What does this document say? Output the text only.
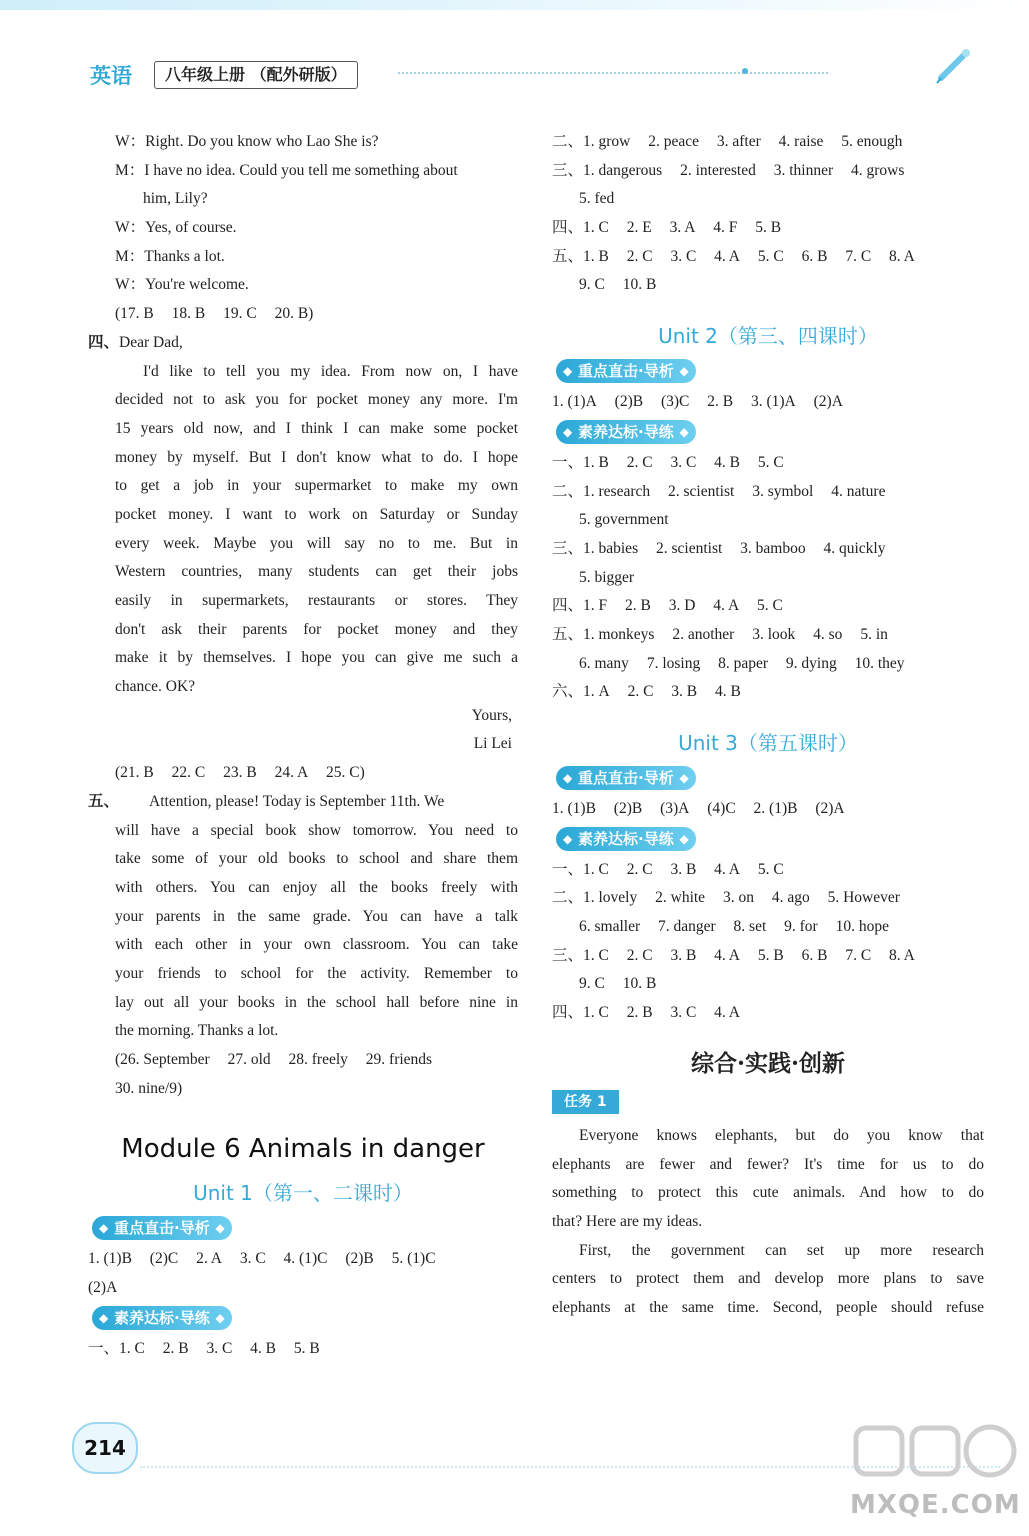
英语	八年级上册 （配外研版）
W：Right. Do you know who Lao She is?
M：I have no idea. Could you tell me something about
him, Lily?
W：Yes, of course.
M：Thanks a lot.
W：You're welcome.
(17. B 18. B 19. C 20. B)
四、Dear Dad,
I'd like to tell you my idea. From now on, I have
decided not to ask you for pocket money any more. I'm
15 years old now, and I think I can make some pocket
money by myself. But I don't know what to do. I hope
to get a job in your supermarket to make my own
pocket money. I want to work on Saturday or Sunday
every week. Maybe you will say no to me. But in
Western countries, many students can get their jobs
easily in supermarkets, restaurants or stores. They
don't ask their parents for pocket money and they
make it by themselves. I hope you can give me such a
chance. OK?
Yours,
Li Lei
(21. B 22. C 23. B 24. A 25. C)
五、 Attention, please! Today is September 11th. We
will have a special book show tomorrow. You need to
take some of your old books to school and share them
with others. You can enjoy all the books freely with
your parents in the same grade. You can have a talk
with each other in your own classroom. You can take
your friends to school for the activity. Remember to
lay out all your books in the school hall before nine in
the morning. Thanks a lot.
(26. September 27. old 28. freely 29. friends
30. nine/9)
Module 6 Animals in danger
Unit 1（第一、二课时）
◆ 重点直击·导析 ◆
1. (1)B (2)C 2. A 3. C 4. (1)C (2)B 5. (1)C
(2)A
◆ 素养达标·导练 ◆
一、1. C 2. B 3. C 4. B 5. B
二、1. grow 2. peace 3. after 4. raise 5. enough
三、1. dangerous 2. interested 3. thinner 4. grows
5. fed
四、1. C 2. E 3. A 4. F 5. B
五、1. B 2. C 3. C 4. A 5. C 6. B 7. C 8. A
9. C 10. B
Unit 2（第三、四课时）
◆ 重点直击·导析 ◆
1. (1)A (2)B (3)C 2. B 3. (1)A (2)A
◆ 素养达标·导练 ◆
一、1. B 2. C 3. C 4. B 5. C
二、1. research 2. scientist 3. symbol 4. nature
5. government
三、1. babies 2. scientist 3. bamboo 4. quickly
5. bigger
四、1. F 2. B 3. D 4. A 5. C
五、1. monkeys 2. another 3. look 4. so 5. in
6. many 7. losing 8. paper 9. dying 10. they
六、1. A 2. C 3. B 4. B
Unit 3（第五课时）
◆ 重点直击·导析 ◆
1. (1)B (2)B (3)A (4)C 2. (1)B (2)A
◆ 素养达标·导练 ◆
一、1. C 2. C 3. B 4. A 5. C
二、1. lovely 2. white 3. on 4. ago 5. However
6. smaller 7. danger 8. set 9. for 10. hope
三、1. C 2. C 3. B 4. A 5. B 6. B 7. C 8. A
9. C 10. B
四、1. C 2. B 3. C 4. A
综合·实践·创新
任务 1
Everyone knows elephants, but do you know that
elephants are fewer and fewer? It's time for us to do
something to protect this cute animals. And how to do
that? Here are my ideas.
First, the government can set up more research
centers to protect them and develop more plans to save
elephants at the same time. Second, people should refuse
214
MXQE.COM
